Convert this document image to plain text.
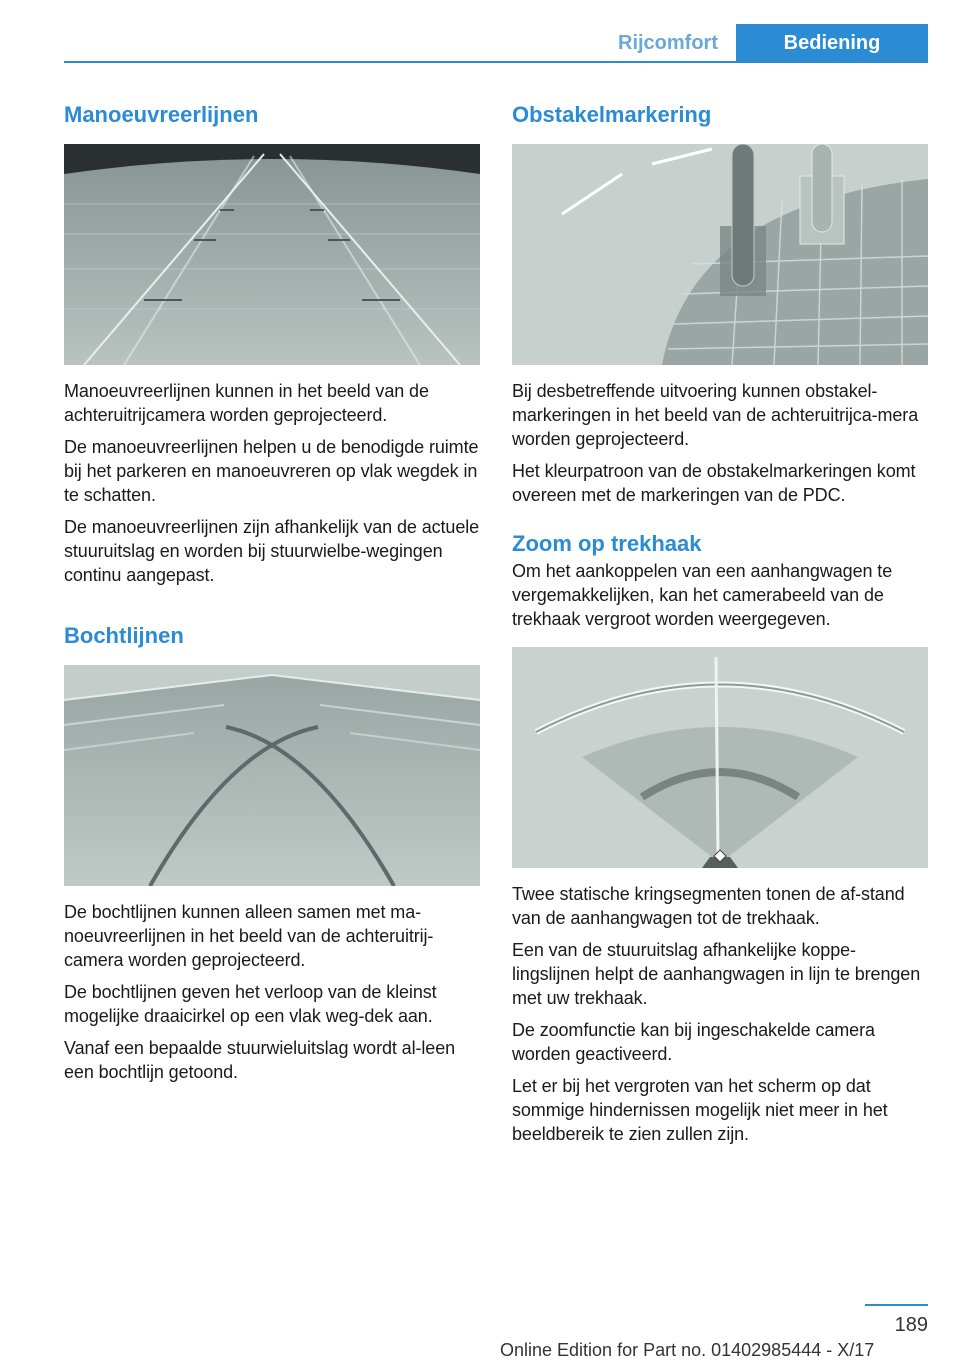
Rijcomfort	Bediening
Manoeuvreerlijnen

Manoeuvreerlijnen kunnen in het beeld van de achteruitrijcamera worden geprojecteerd.

De manoeuvreerlijnen helpen u de benodigde ruimte bij het parkeren en manoeuvreren op vlak wegdek in te schatten.

De manoeuvreerlijnen zijn afhankelijk van de actuele stuuruitslag en worden bij stuurwielbe-wegingen continu aangepast.

Bochtlijnen

De bochtlijnen kunnen alleen samen met ma-noeuvreerlijnen in het beeld van de achteruitrij-camera worden geprojecteerd.

De bochtlijnen geven het verloop van de kleinst mogelijke draaicirkel op een vlak weg-dek aan.

Vanaf een bepaalde stuurwieluitslag wordt al-leen een bochtlijn getoond.

Obstakelmarkering

Bij desbetreffende uitvoering kunnen obstakel-markeringen in het beeld van de achteruitrijca-mera worden geprojecteerd.

Het kleurpatroon van de obstakelmarkeringen komt overeen met de markeringen van de PDC.

Zoom op trekhaak

Om het aankoppelen van een aanhangwagen te vergemakkelijken, kan het camerabeeld van de trekhaak vergroot worden weergegeven.

Twee statische kringsegmenten tonen de af-stand van de aanhangwagen tot de trekhaak.

Een van de stuuruitslag afhankelijke koppe-lingslijnen helpt de aanhangwagen in lijn te brengen met uw trekhaak.

De zoomfunctie kan bij ingeschakelde camera worden geactiveerd.

Let er bij het vergroten van het scherm op dat sommige hindernissen mogelijk niet meer in het beeldbereik te zien zullen zijn.

189
Online Edition for Part no. 01402985444 - X/17
